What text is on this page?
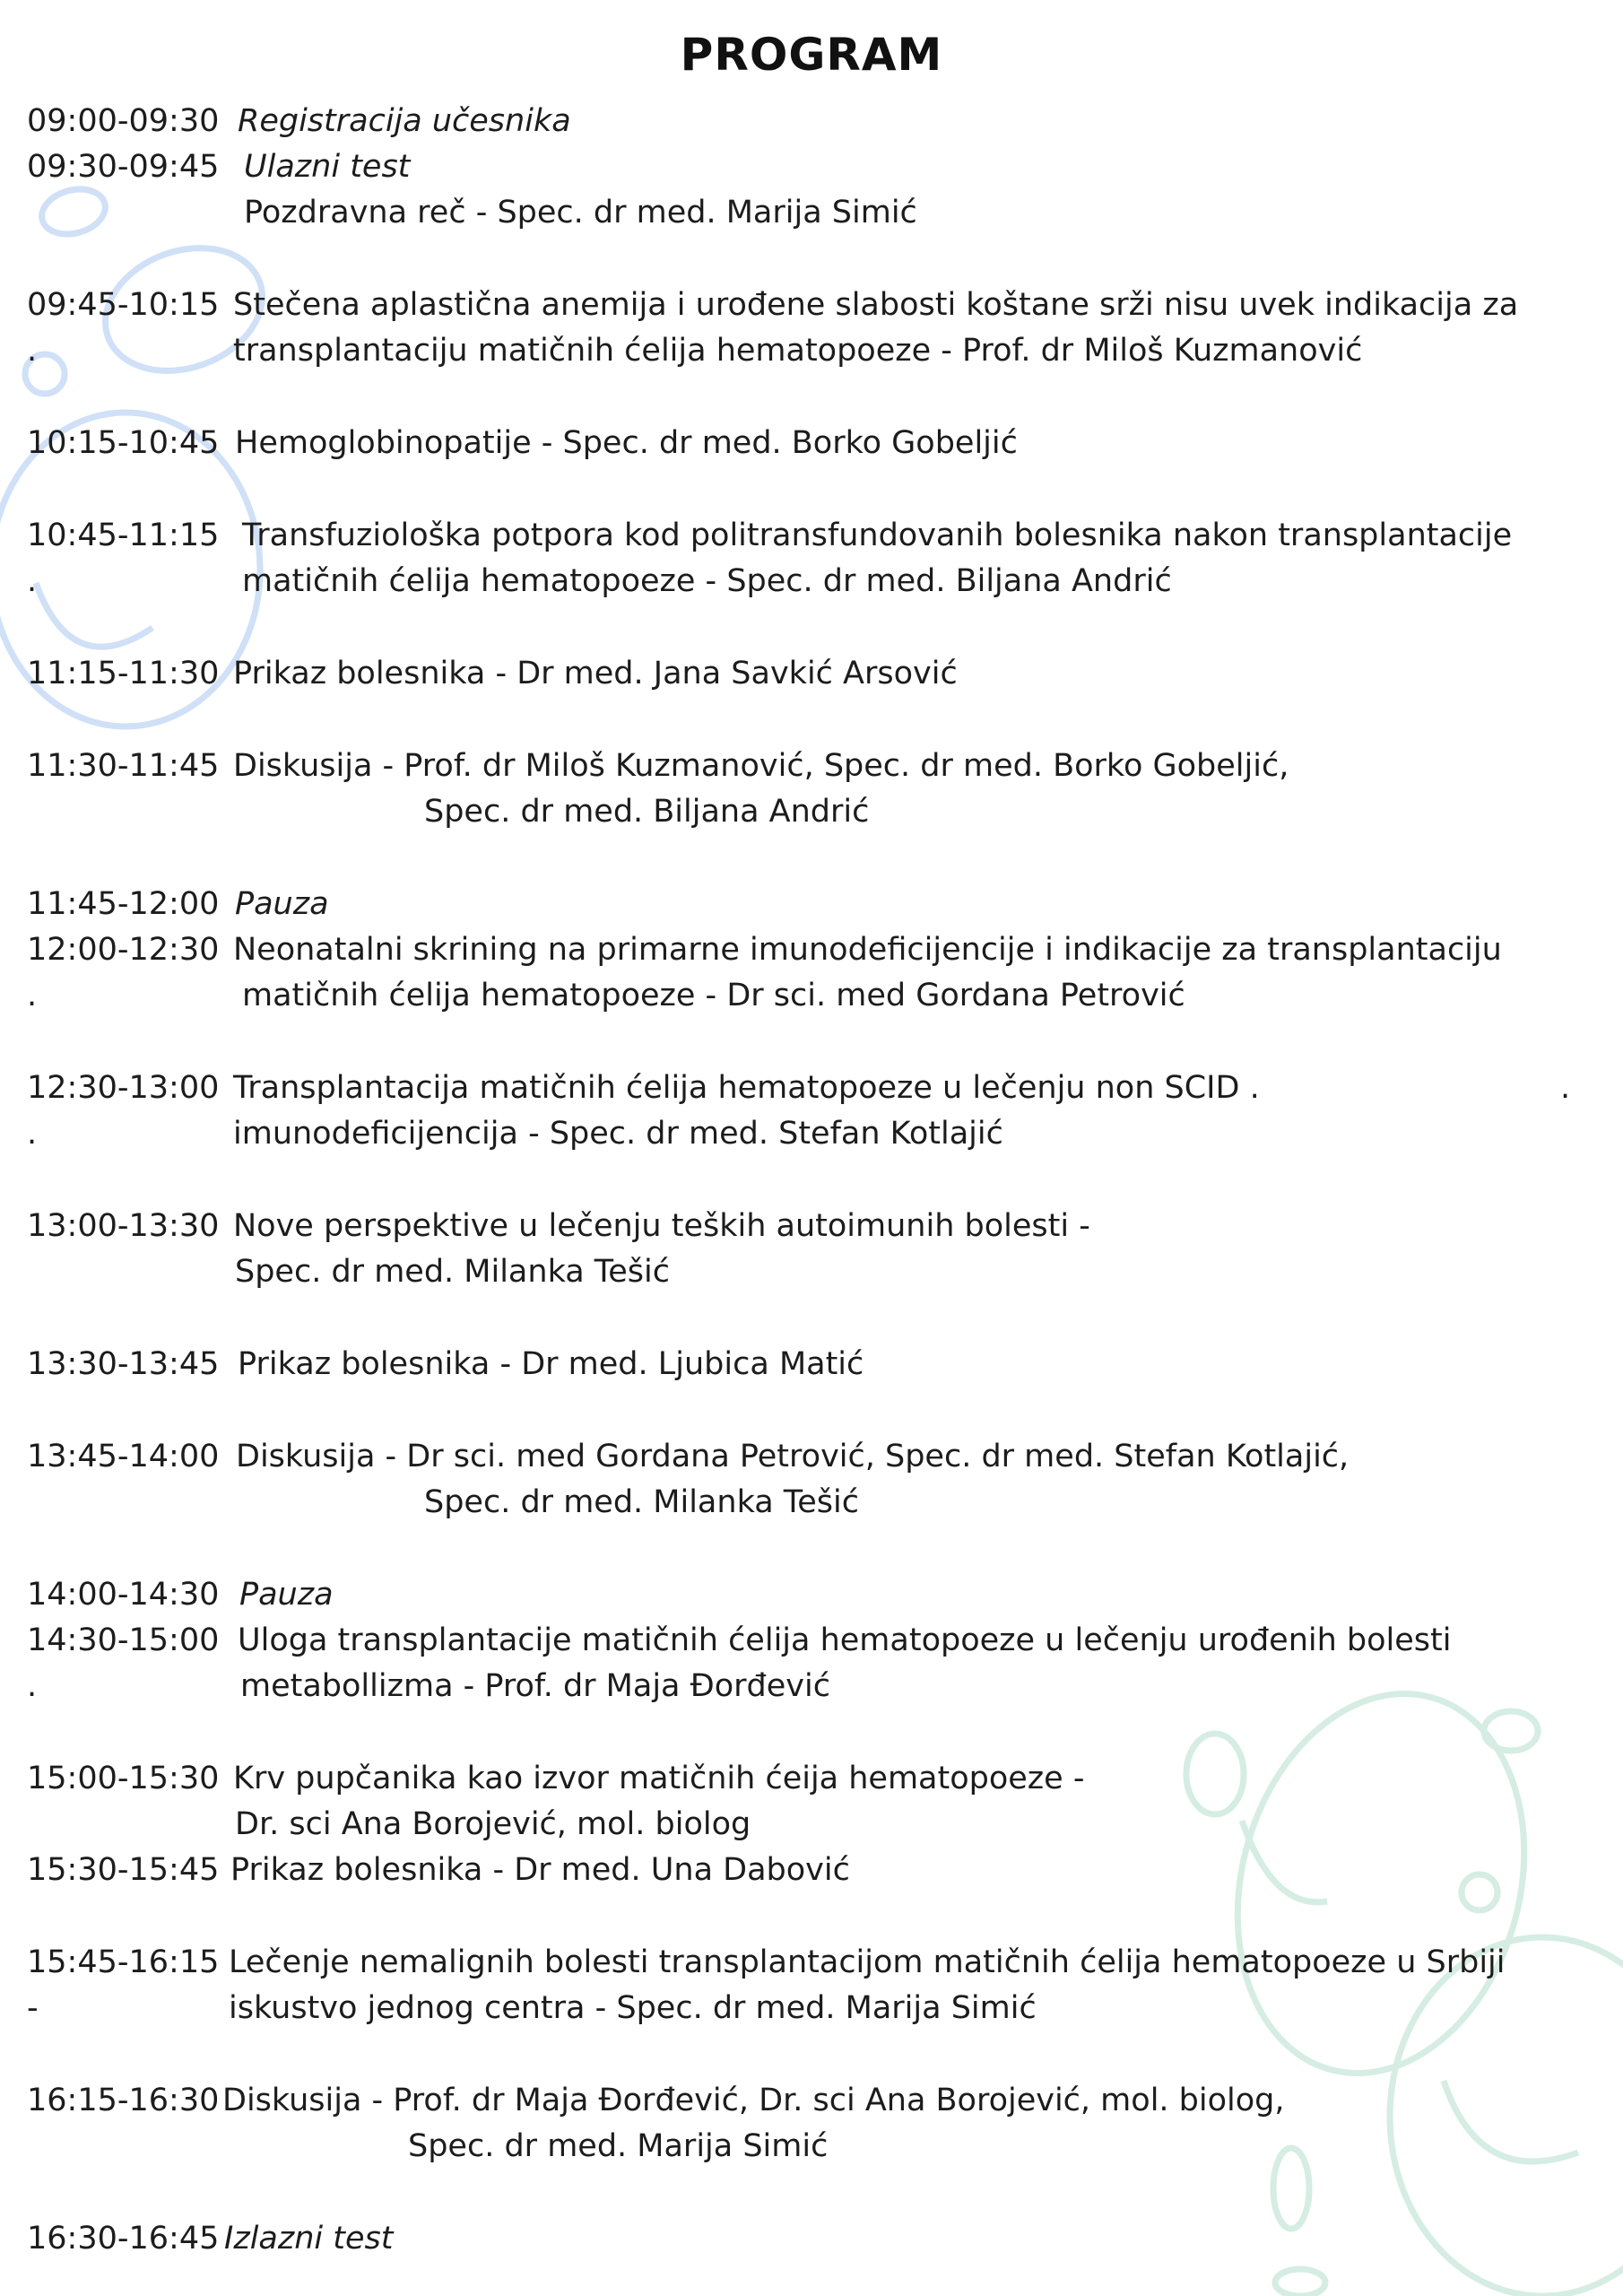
PROGRAM
09:00-09:30 Registracija učesnika
09:30-09:45 Ulazni test
Pozdravna reč - Spec. dr med. Marija Simić
09:45-10:15 Stečena aplastična anemija i urođene slabosti koštane srži nisu uvek indikacija za
.	transplantaciju matičnih ćelija hematopoeze - Prof. dr Miloš Kuzmanović
10:15-10:45 Hemoglobinopatije - Spec. dr med. Borko Gobeljić
10:45-11:15 Transfuziološka potpora kod politransfundovanih bolesnika nakon transplantacije
.	matičnih ćelija hematopoeze - Spec. dr med. Biljana Andrić
11:15-11:30 Prikaz bolesnika - Dr med. Jana Savkić Arsović
11:30-11:45 Diskusija - Prof. dr Miloš Kuzmanović, Spec. dr med. Borko Gobeljić,
Spec. dr med. Biljana Andrić
11:45-12:00 Pauza
12:00-12:30 Neonatalni skrining na primarne imunodeficijencije i indikacije za transplantaciju
.	matičnih ćelija hematopoeze - Dr sci. med Gordana Petrović
12:30-13:00 Transplantacija matičnih ćelija hematopoeze u lečenju non SCID .	.
.	imunodeficijencija - Spec. dr med. Stefan Kotlajić
13:00-13:30 Nove perspektive u lečenju teških autoimunih bolesti -
Spec. dr med. Milanka Tešić
13:30-13:45 Prikaz bolesnika - Dr med. Ljubica Matić
13:45-14:00 Diskusija - Dr sci. med Gordana Petrović, Spec. dr med. Stefan Kotlajić,
Spec. dr med. Milanka Tešić
14:00-14:30 Pauza
14:30-15:00 Uloga transplantacije matičnih ćelija hematopoeze u lečenju urođenih bolesti
.	metabollizma - Prof. dr Maja Đorđević
15:00-15:30 Krv pupčanika kao izvor matičnih ćeija hematopoeze -
Dr. sci Ana Borojević, mol. biolog
15:30-15:45 Prikaz bolesnika - Dr med. Una Dabović
15:45-16:15 Lečenje nemalignih bolesti transplantacijom matičnih ćelija hematopoeze u Srbiji
-	iskustvo jednog centra - Spec. dr med. Marija Simić
16:15-16:30 Diskusija - Prof. dr Maja Đorđević, Dr. sci Ana Borojević, mol. biolog,
Spec. dr med. Marija Simić
16:30-16:45 Izlazni test
